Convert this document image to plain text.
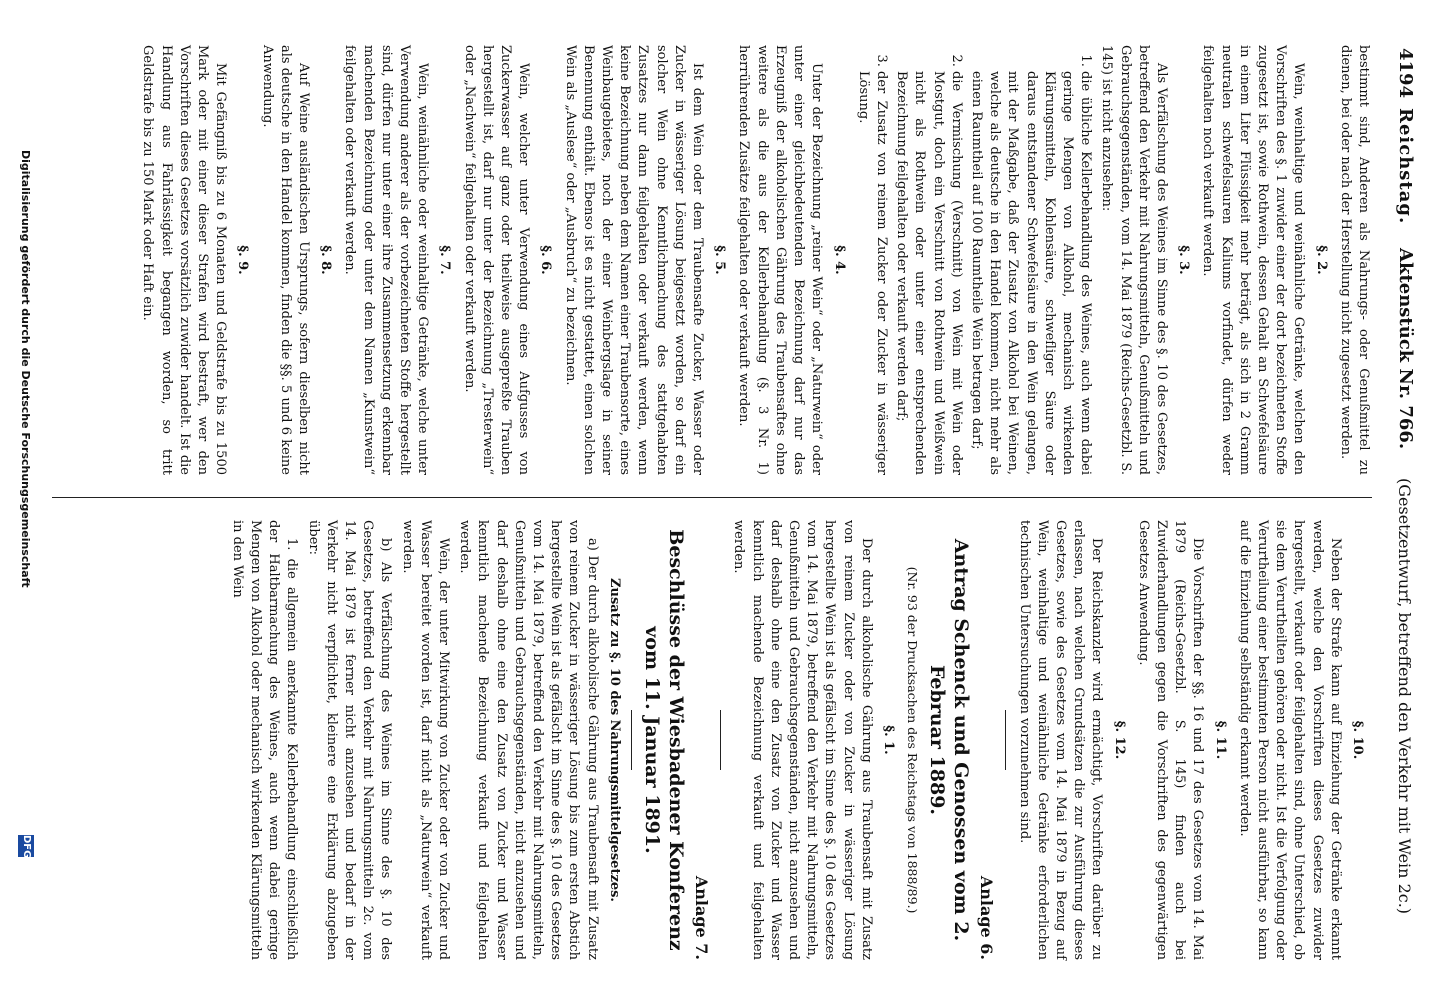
4194
Reichstag.
Aktenstück Nr. 766.
(Gesetzentwurf, betreffend den Verkehr mit Wein 2c.)

bestimmt sind, Anderen als Nahrungs- oder Genußmittel zu dienen, bei oder nach der Herstellung nicht zugesetzt werden.

§. 2.

Wein, weinhaltige und weinähnliche Getränke, welchen den Vorschriften des §. 1 zuwider einer der dort bezeichneten Stoffe zugesetzt ist, sowie Rothwein, dessen Gehalt an Schwefelsäure in einem Liter Flüssigkeit mehr beträgt, als sich in 2 Gramm neutralen schwefelsauren Kaliums vorfindet, dürfen weder feilgehalten noch verkauft werden.

§. 3.

Als Verfälschung des Weines im Sinne des §. 10 des Gesetzes, betreffend den Verkehr mit Nahrungsmitteln, Genußmitteln und Gebrauchsgegenständen, vom 14. Mai 1879 (Reichs-Gesetzbl. S. 145) ist nicht anzusehen:

1. die übliche Kellerbehandlung des Weines, auch wenn dabei geringe Mengen von Alkohol, mechanisch wirkenden Klärungsmitteln, Kohlensäure, schwefliger Säure oder daraus entstandener Schwefelsäure in den Wein gelangen, mit der Maßgabe, daß der Zusatz von Alkohol bei Weinen, welche als deutsche in den Handel kommen, nicht mehr als einen Raumtheil auf 100 Raumtheile Wein betragen darf;
2. die Vermischung (Verschnitt) von Wein mit Wein oder Mostgut, doch ein Verschnitt von Rothwein und Weißwein nicht als Rothwein oder unter einer entsprechenden Bezeichnung feilgehalten oder verkauft werden darf;
3. der Zusatz von reinem Zucker oder Zucker in wässeriger Lösung.
§. 4.

Unter der Bezeichnung „reiner Wein“ oder „Naturwein“ oder unter einer gleichbedeutenden Bezeichnung darf nur das Erzeugniß der alkoholischen Gährung des Traubensaftes ohne weitere als die aus der Kellerbehandlung (§. 3 Nr. 1) herrührenden Zusätze feilgehalten oder verkauft werden.

§. 5.

Ist dem Wein oder dem Traubensafte Zucker, Wasser oder Zucker in wässeriger Lösung beigesetzt worden, so darf ein solcher Wein ohne Kenntlichmachung des stattgehabten Zusatzes nur dann feilgehalten oder verkauft werden, wenn keine Bezeichnung neben dem Namen einer Traubensorte, eines Weinbaugebietes, noch der einer Weinbergslage in seiner Benennung enthält. Ebenso ist es nicht gestattet, einen solchen Wein als „Auslese“ oder „Ausbruch“ zu bezeichnen.

§. 6.

Wein, welcher unter Verwendung eines Aufgusses von Zuckerwasser auf ganz oder theilweise ausgepreßte Trauben hergestellt ist, darf nur unter der Bezeichnung „Tresterwein“ oder „Nachwein“ feilgehalten oder verkauft werden.

§. 7.

Wein, weinähnliche oder weinhaltige Getränke, welche unter Verwendung anderer als der vorbezeichneten Stoffe hergestellt sind, dürfen nur unter einer ihre Zusammensetzung erkennbar machenden Bezeichnung oder unter dem Namen „Kunstwein“ feilgehalten oder verkauft werden.

§. 8.

Auf Weine ausländischen Ursprungs, sofern dieselben nicht als deutsche in den Handel kommen, finden die §§. 5 und 6 keine Anwendung.

§. 9.

Mit Gefängniß bis zu 6 Monaten und Geldstrafe bis zu 1500 Mark oder mit einer dieser Strafen wird bestraft, wer den Vorschriften dieses Gesetzes vorsätzlich zuwider handelt. Ist die Handlung aus Fahrlässigkeit begangen worden, so tritt Geldstrafe bis zu 150 Mark oder Haft ein.

§. 10.

Neben der Strafe kann auf Einziehung der Getränke erkannt werden, welche den Vorschriften dieses Gesetzes zuwider hergestellt, verkauft oder feilgehalten sind, ohne Unterschied, ob sie dem Verurtheilten gehören oder nicht. Ist die Verfolgung oder Verurtheilung einer bestimmten Person nicht ausführbar, so kann auf die Einziehung selbständig erkannt werden.

§. 11.

Die Vorschriften der §§. 16 und 17 des Gesetzes vom 14. Mai 1879 (Reichs-Gesetzbl. S. 145) finden auch bei Zuwiderhandlungen gegen die Vorschriften des gegenwärtigen Gesetzes Anwendung.

§. 12.

Der Reichskanzler wird ermächtigt, Vorschriften darüber zu erlassen, nach welchen Grundsätzen die zur Ausführung dieses Gesetzes, sowie des Gesetzes vom 14. Mai 1879 in Bezug auf Wein, weinhaltige und weinähnliche Getränke erforderlichen technischen Untersuchungen vorzunehmen sind.

Anlage 6.
Antrag Schenck und Genossen vom 2. Februar 1889.
(Nr. 93 der Drucksachen des Reichstags von 1888/89.)
§. 1.

Der durch alkoholische Gährung aus Traubensaft mit Zusatz von reinem Zucker oder von Zucker in wässeriger Lösung hergestellte Wein ist als gefälscht im Sinne des §. 10 des Gesetzes vom 14. Mai 1879, betreffend den Verkehr mit Nahrungsmitteln, Genußmitteln und Gebrauchsgegenständen, nicht anzusehen und darf deshalb ohne eine den Zusatz von Zucker und Wasser kenntlich machende Bezeichnung verkauft und feilgehalten werden.

Anlage 7.
Beschlüsse der Wiesbadener Konferenz vom 11. Januar 1891.
Zusatz zu §. 10 des Nahrungsmittelgesetzes.

a) Der durch alkoholische Gährung aus Traubensaft mit Zusatz von reinem Zucker in wässeriger Lösung bis zum ersten Abstich hergestellte Wein ist als gefälscht im Sinne des §. 10 des Gesetzes vom 14. Mai 1879, betreffend den Verkehr mit Nahrungsmitteln, Genußmitteln und Gebrauchsgegenständen, nicht anzusehen und darf deshalb ohne eine den Zusatz von Zucker und Wasser kenntlich machende Bezeichnung verkauft und feilgehalten werden.

Wein, der unter Mitwirkung von Zucker oder von Zucker und Wasser bereitet worden ist, darf nicht als „Naturwein“ verkauft werden.

b) Als Verfälschung des Weines im Sinne des §. 10 des Gesetzes, betreffend den Verkehr mit Nahrungsmitteln 2c. vom 14. Mai 1879 ist ferner nicht anzusehen und bedarf in der Verkehr nicht verpflichtet, kleinere eine Erklärung abzugeben über:

1. die allgemein anerkannte Kellerbehandlung einschließlich der Haltbarmachung des Weines, auch wenn dabei geringe Mengen von Alkohol oder mechanisch wirkenden Klärungsmitteln in den Wein

Digitalisierung gefördert durch die Deutsche Forschungsgemeinschaft
DFG
